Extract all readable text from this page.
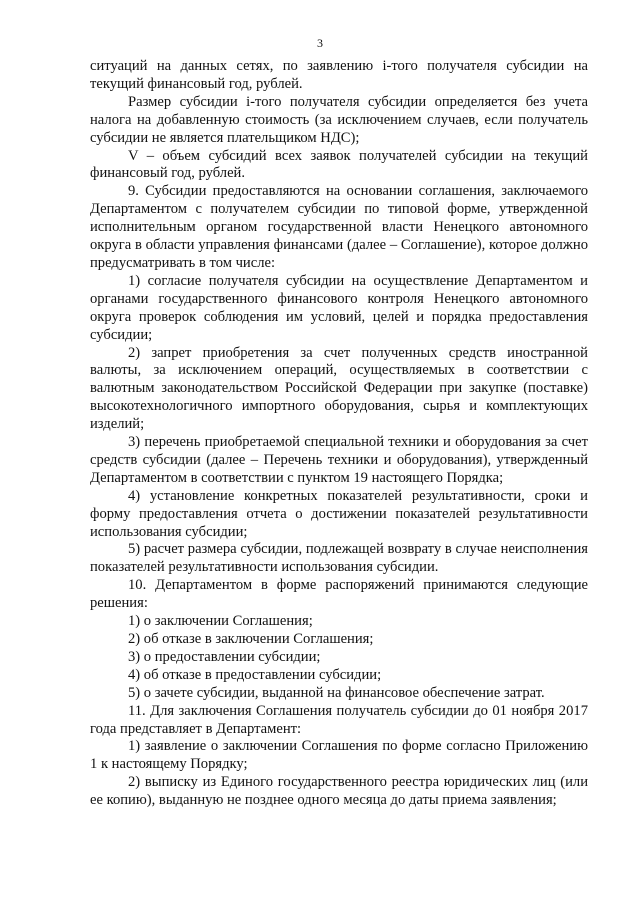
3

ситуаций на данных сетях, по заявлению i-того получателя субсидии на текущий финансовый год, рублей.

Размер субсидии i-того получателя субсидии определяется без учета налога на добавленную стоимость (за исключением случаев, если получатель субсидии не является плательщиком НДС);

V – объем субсидий всех заявок получателей субсидии на текущий финансовый год, рублей.

9. Субсидии предоставляются на основании соглашения, заключаемого Департаментом с получателем субсидии по типовой форме, утвержденной исполнительным органом государственной власти Ненецкого автономного округа в области управления финансами (далее – Соглашение), которое должно предусматривать в том числе:

1) согласие получателя субсидии на осуществление Департаментом и органами государственного финансового контроля Ненецкого автономного округа проверок соблюдения им условий, целей и порядка предоставления субсидии;

2) запрет приобретения за счет полученных средств иностранной валюты, за исключением операций, осуществляемых в соответствии с валютным законодательством Российской Федерации при закупке (поставке) высокотехнологичного импортного оборудования, сырья и комплектующих изделий;

3) перечень приобретаемой специальной техники и оборудования за счет средств субсидии (далее – Перечень техники и оборудования), утвержденный Департаментом в соответствии с пунктом 19 настоящего Порядка;

4) установление конкретных показателей результативности, сроки и форму предоставления отчета о достижении показателей результативности использования субсидии;

5) расчет размера субсидии, подлежащей возврату в случае неисполнения показателей результативности использования субсидии.

10. Департаментом в форме распоряжений принимаются следующие решения:

1) о заключении Соглашения;

2) об отказе в заключении Соглашения;

3) о предоставлении субсидии;

4) об отказе в предоставлении субсидии;

5) о зачете субсидии, выданной на финансовое обеспечение затрат.

11. Для заключения Соглашения получатель субсидии до 01 ноября 2017 года представляет в Департамент:

1) заявление о заключении Соглашения по форме согласно Приложению 1 к настоящему Порядку;

2) выписку из Единого государственного реестра юридических лиц (или ее копию), выданную не позднее одного месяца до даты приема заявления;
